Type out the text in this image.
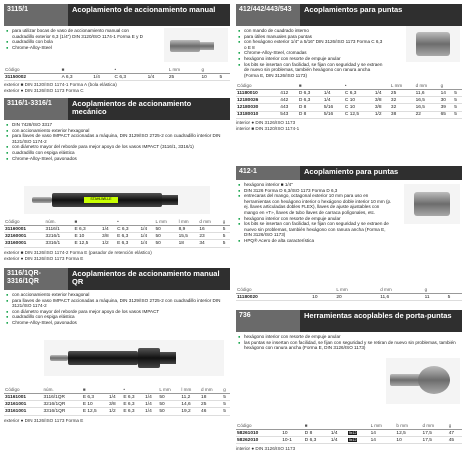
3115/1	Acoplamiento de accionamiento manual
● para utilizar bocas de vaso de accionamiento manual con cuadradillo exterior 6,3 (1/4") DIN 3120/ISO 1174-1 Forma E y D
● cuadradillo con bola
● Chrome-Alloy-Steel
Código	■		•		L mm	g	
31150002	A 6,3	1/4	C 6,3	1/4	25	10	5
exterior ■ DIN 3120/ISO 1174-1 Forma A (bola elástica)
exterior ● DIN 3126/ISO 1173 Forma C
3116/1-3316/1	Acoplamientos de accionamiento mecánico
● DIN 7428/ISO 3317
● con accionamiento exterior hexagonal
● para llaves de vaso IMPACT accionadas a máquina, DIN 3129/ISO 2725-2 con cuadradillo interior DIN 3121/ISO 1174-2
● con diámetro mayor del reborde para mejor apoyo de los vasos IMPACT (3116/1, 3316/1)
● cuadradillo con espiga elástica
● Chrome-Alloy-Steel, pavonados
STAHLWILLE
Código	núm.	■		•		L mm	l mm	d mm	g
31160001	3116/1	E 6,3	1/4	C 6,3	1/4	50	8,9	16	5
32160001	3216/1	E 10	3/8	E 6,3	1/4	50	15,5	23	5
33160001	3316/1	E 12,5	1/2	E 6,3	1/4	50	18	34	5
exterior ■ DIN 3126/ISO 1174-2 Forma E (pasador de retención elástico)
exterior ● DIN 3126/ISO 1173 Forma E
3116/1QR-3316/1QR
Acoplamientos de accionamiento manual QR
● con accionamiento exterior hexagonal
● para llaves de vaso IMPACT accionadas a máquina, DIN 3129/ISO 2725-2 con cuadradillo interior DIN 3121/ISO 1174-2
● con diámetro mayor del reborde para mejor apoyo de los vasos IMPACT
● cuadradillo con espiga elástica
● Chrome-Alloy-Steel, pavonados
Código	núm.	■		•		L mm	l mm	d mm	g
31161001	3116/1QR	E 6,3	1/4	E 6,3	1/4	50	11,2	18	5
32161001	3216/1QR	E 10	3/8	E 6,3	1/4	50	14,6	25	5
33161001	3316/1QR	E 12,5	1/2	E 6,3	1/4	50	19,2	46	5
exterior ● DIN 3126/ISO 1173 Forma E
412/442/443/543	Acoplamientos para puntas
● con mando de cuadrado interno
● para útiles manuales para puntas
● con hexágono exterior 1/4" a 5/16" DIN 3126/ISO 1173 Forma C 6,3 o E 8
● Chrome-Alloy-Steel, cromadas
● hexágono interior con resorte de empuje anular
● los bits se insertan con facilidad, se fijan con seguridad y se extraen de nuevo sin problemas, también hexágono con ranura ancha (Forma E, DIN 3126/ISO 1173)
Código		■		•		L mm	d mm	g	
11180010	412	D 6,3	1/4	C 6,3	1/4	25	11,6	14	5
12180026	442	D 6,3	1/4	C 10	3/8	32	16,5	30	5
12180030	443	D 8	5/16	C 10	3/8	32	16,5	39	5
13180010	543	D 8	5/16	C 12,5	1/2	38	22	65	5
interior ● DIN 3126/ISO 1173
interior ■ DIN 3120/ISO 1174-1
412-1	Acoplamiento para puntas
● hexágono interior ■ 1/4"
● DIN 3126 Forma D 6,3/ISO 1173 Forma D 6,3
● entrecaras del mango, octagonal exterior 10 mm para uso en herramientas con hexágono interior o hexágono doble interior 10 mm (p. ej. llaves articuladas dobles FLEX), llaves de ajuste ajustables con mango en «T», llaves de tubo llaves de carraca polígonales, etc.
● hexágono interior con resorte de empuje anular
● los bits se insertan con facilidad, se fijan con seguridad y se extraen de nuevo sin problemas, también hexágono con ranura ancha (Forma E, DIN 3126/ISO 1173)
● HPQ® Acero de alta característica
Código		L mm	d mm	g	
11180020	10	20	11,6	11	5
736	Herramientas acoplables de porta-puntas
● hexágono interior con resorte de empuje anular
● las puntas se insertan con facilidad, se fijan con seguridad y se retiran de nuevo sin problemas, también hexágono con ranura ancha (Forma E, DIN 3126/ISO 1173)
Código		■			L mm	b mm	d mm	g
58261010	10	D 8	1/4	9x12	14	12,5	17,5	47
58262010	10-1	D 6,3	1/4	9x12	14	10	17,5	45
interior ● DIN 3126/ISO 1173
